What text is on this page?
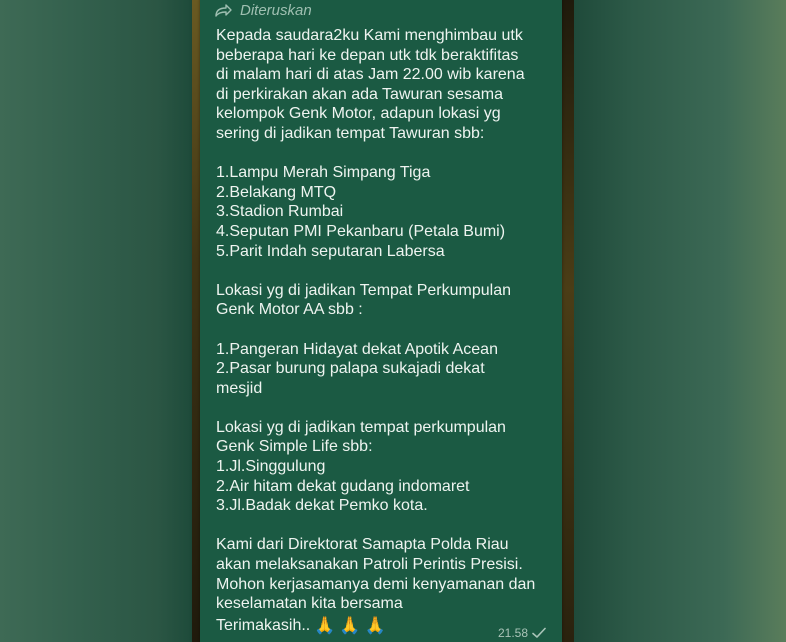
Diteruskan

Kepada saudara2ku Kami menghimbau utk
beberapa hari ke depan utk tdk beraktifitas
di malam hari di atas Jam 22.00 wib karena
di perkirakan akan ada Tawuran sesama
kelompok Genk Motor, adapun lokasi yg
sering di jadikan tempat Tawuran sbb:

1.Lampu Merah Simpang Tiga
2.Belakang MTQ
3.Stadion Rumbai
4.Seputan PMI Pekanbaru (Petala Bumi)
5.Parit Indah seputaran Labersa

Lokasi yg di jadikan Tempat Perkumpulan
Genk Motor AA sbb :

1.Pangeran Hidayat dekat Apotik Acean
2.Pasar burung palapa sukajadi dekat
mesjid

Lokasi yg di jadikan tempat perkumpulan
Genk Simple Life sbb:
1.Jl.Singgulung
2.Air hitam dekat gudang indomaret
3.Jl.Badak dekat Pemko kota.

Kami dari Direktorat Samapta Polda Riau
akan melaksanakan Patroli Perintis Presisi.
Mohon kerjasamanya demi kenyamanan dan
keselamatan kita bersama

Terimakasih.. 🙏 🙏 🙏	21.58
